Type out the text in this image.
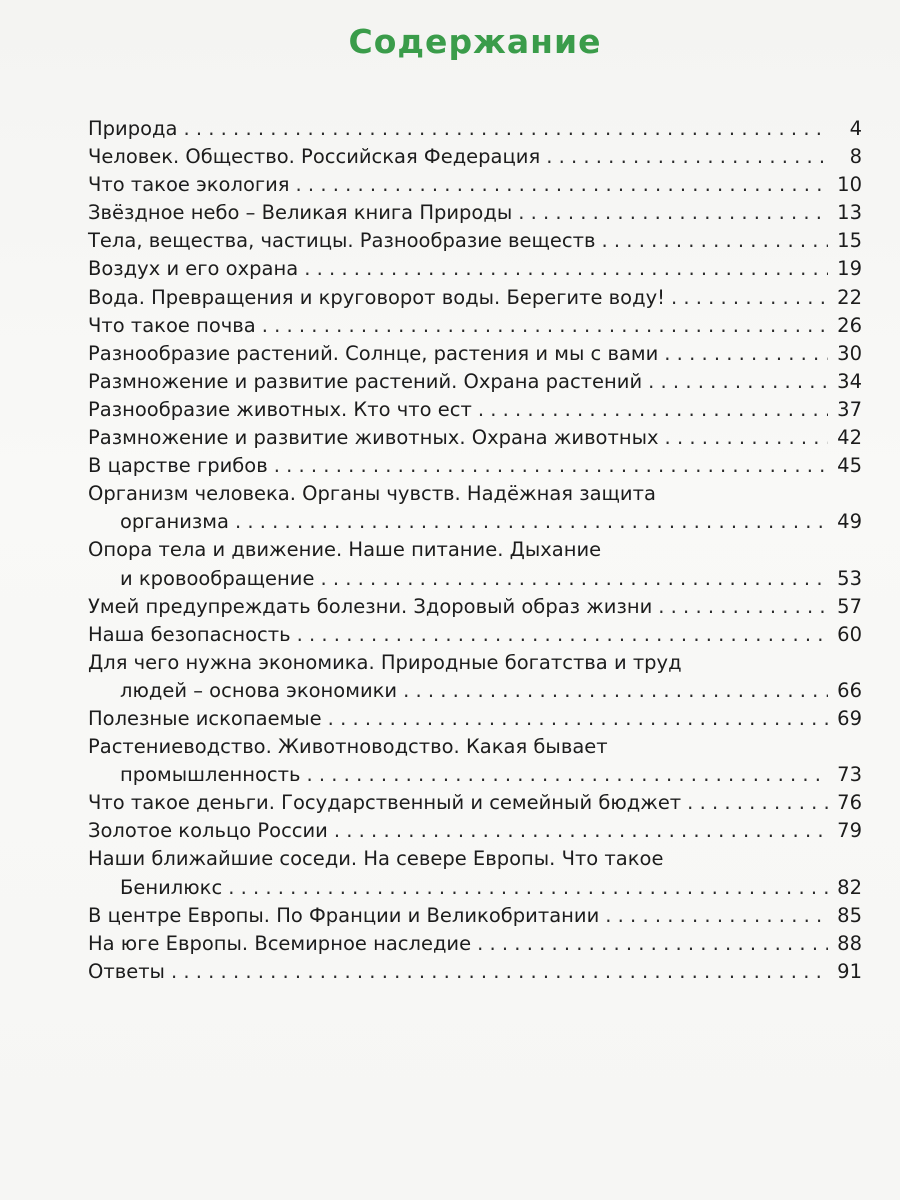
Содержание
Природа . . .	4
Человек. Общество. Российская Федерация . . .	8
Что такое экология . . .	10
Звёздное небо – Великая книга Природы . . .	13
Тела, вещества, частицы. Разнообразие веществ . . .	15
Воздух и его охрана . . .	19
Вода. Превращения и круговорот воды. Берегите воду! . . .	22
Что такое почва . . .	26
Разнообразие растений. Солнце, растения и мы с вами . . .	30
Размножение и развитие растений. Охрана растений . . .	34
Разнообразие животных. Кто что ест . . .	37
Размножение и развитие животных. Охрана животных . . .	42
В царстве грибов . . .	45
Организм человека. Органы чувств. Надёжная защита
организма . . .	49
Опора тела и движение. Наше питание. Дыхание
и кровообращение . . .	53
Умей предупреждать болезни. Здоровый образ жизни . . .	57
Наша безопасность . . .	60
Для чего нужна экономика. Природные богатства и труд
людей – основа экономики . . .	66
Полезные ископаемые . . .	69
Растениеводство. Животноводство. Какая бывает
промышленность . . .	73
Что такое деньги. Государственный и семейный бюджет . . .	76
Золотое кольцо России . . .	79
Наши ближайшие соседи. На севере Европы. Что такое
Бенилюкс . . .	82
В центре Европы. По Франции и Великобритании . . .	85
На юге Европы. Всемирное наследие . . .	88
Ответы . . .	91
